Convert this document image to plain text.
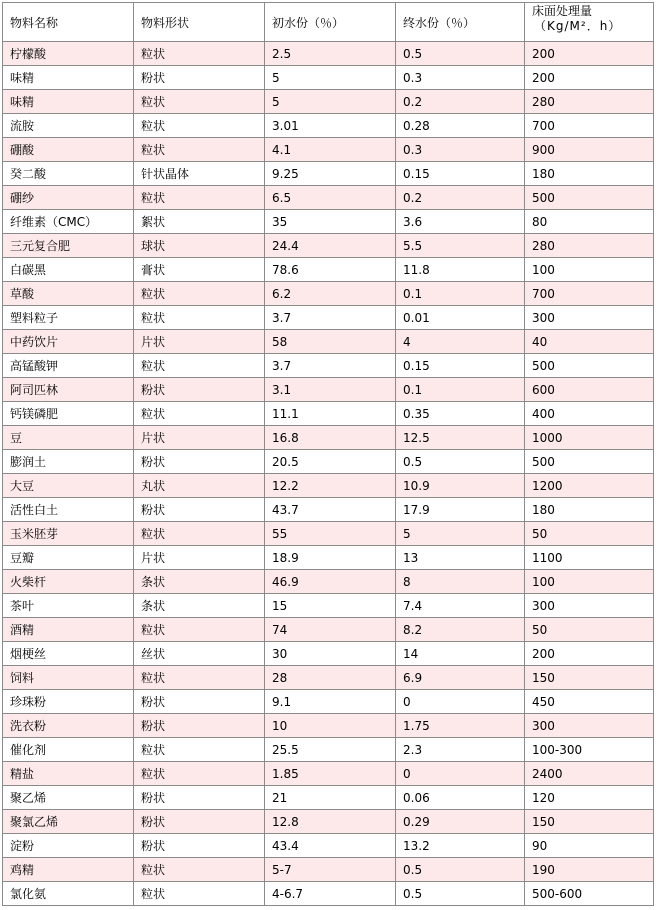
物料名称	物料形状	初水份（％）	终水份（％）	床面处理量
（Kg/M²．h）

柠檬酸	粒状	2.5	0.5	200
味精	粉状	5	0.3	200
味精	粒状	5	0.2	280
流胺	粒状	3.01	0.28	700
硼酸	粒状	4.1	0.3	900
癸二酸	针状晶体	9.25	0.15	180
硼纱	粒状	6.5	0.2	500
纤维素（CMC）	絮状	35	3.6	80
三元复合肥	球状	24.4	5.5	280
白碳黑	膏状	78.6	11.8	100
草酸	粒状	6.2	0.1	700
塑料粒子	粒状	3.7	0.01	300
中药饮片	片状	58	4	40
高锰酸钾	粒状	3.7	0.15	500
阿司匹林	粉状	3.1	0.1	600
钙镁磷肥	粒状	11.1	0.35	400
豆	片状	16.8	12.5	1000
膨润土	粉状	20.5	0.5	500
大豆	丸状	12.2	10.9	1200
活性白土	粉状	43.7	17.9	180
玉米胚芽	粒状	55	5	50
豆瓣	片状	18.9	13	1100
火柴杆	条状	46.9	8	100
茶叶	条状	15	7.4	300
酒精	粒状	74	8.2	50
烟梗丝	丝状	30	14	200
饲料	粒状	28	6.9	150
珍珠粉	粉状	9.1	0	450
洗衣粉	粉状	10	1.75	300
催化剂	粒状	25.5	2.3	100-300
精盐	粒状	1.85	0	2400
聚乙烯	粉状	21	0.06	120
聚氯乙烯	粉状	12.8	0.29	150
淀粉	粉状	43.4	13.2	90
鸡精	粒状	5-7	0.5	190
氯化氨	粒状	4-6.7	0.5	500-600
